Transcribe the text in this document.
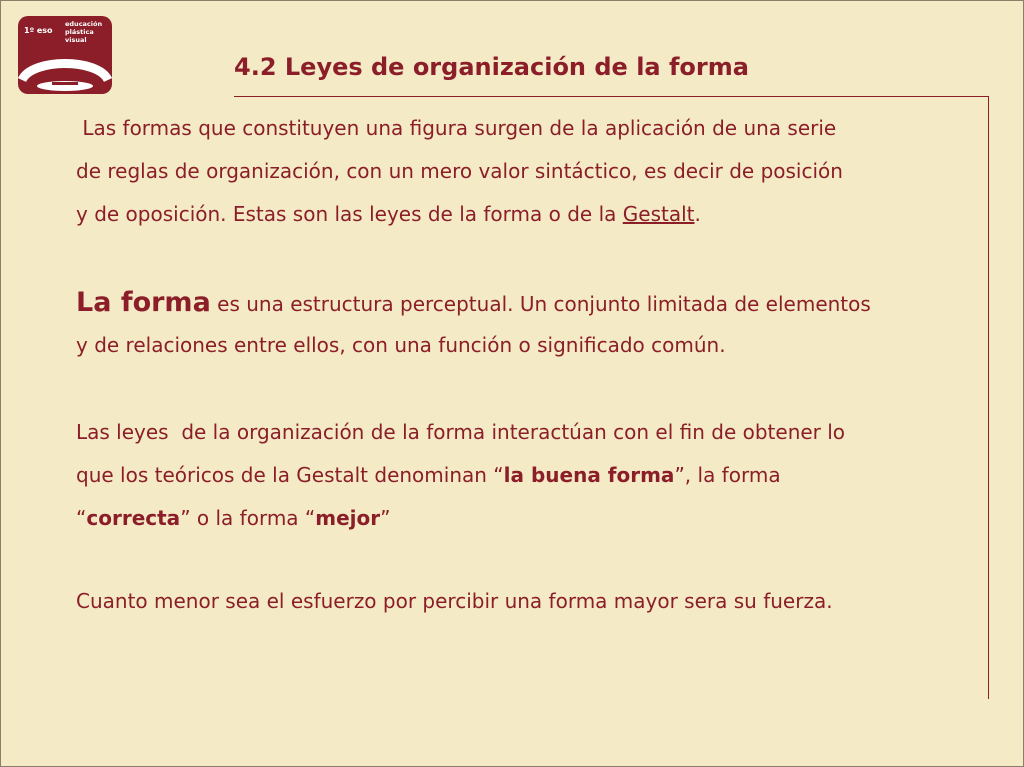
1º eso
educación
plástica
visual
4.2 Leyes de organización de la forma

Las formas que constituyen una figura surgen de la aplicación de una serie
de reglas de organización, con un mero valor sintáctico, es decir de posición
y de oposición. Estas son las leyes de la forma o de la Gestalt.

La forma es una estructura perceptual. Un conjunto limitada de elementos
y de relaciones entre ellos, con una función o significado común.

Las leyes  de la organización de la forma interactúan con el fin de obtener lo
que los teóricos de la Gestalt denominan “la buena forma”, la forma
“correcta” o la forma “mejor”

Cuanto menor sea el esfuerzo por percibir una forma mayor sera su fuerza.
